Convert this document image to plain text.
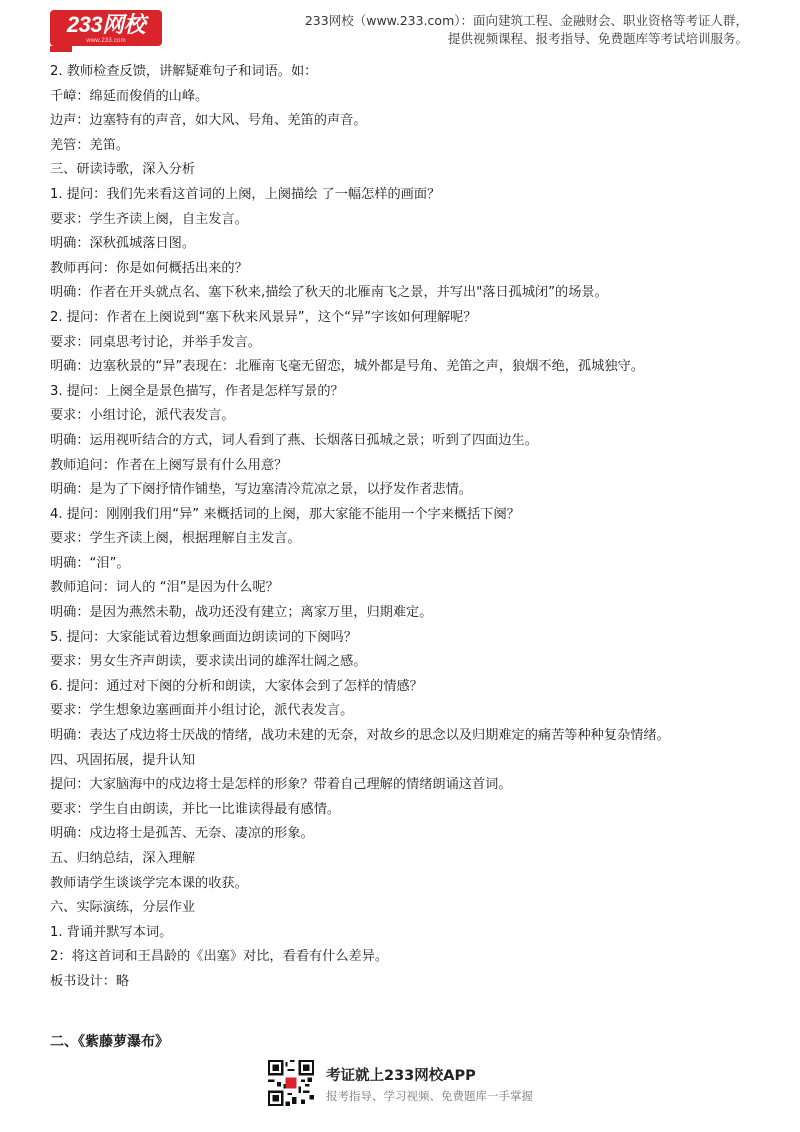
233网校
www.233.com
233网校（www.233.com）：面向建筑工程、金融财会、职业资格等考证人群，
提供视频课程、报考指导、免费题库等考试培训服务。
2. 教师检查反馈，讲解疑难句子和词语。如：
千嶂：绵延而俊俏的山峰。
边声：边塞特有的声音，如大风、号角、羌笛的声音。
羌管：羌笛。
三、研读诗歌，深入分析
1. 提问：我们先来看这首词的上阕，上阕描绘 了一幅怎样的画面？
要求：学生齐读上阕，自主发言。
明确：深秋孤城落日图。
教师再问：你是如何概括出来的？
明确：作者在开头就点名、塞下秋来,描绘了秋天的北雁南飞之景，并写出"落日孤城闭”的场景。
2. 提问：作者在上阕说到“塞下秋来风景异”，这个“异”字该如何理解呢？
要求：同桌思考讨论，并举手发言。
明确：边塞秋景的“异”表现在：北雁南飞毫无留恋，城外都是号角、羌笛之声，狼烟不绝，孤城独守。
3. 提问：上阕全是景色描写，作者是怎样写景的？
要求：小组讨论，派代表发言。
明确：运用视听结合的方式，词人看到了燕、长烟落日孤城之景；听到了四面边生。
教师追问：作者在上阕写景有什么用意？
明确：是为了下阕抒情作铺垫，写边塞清冷荒凉之景，以抒发作者悲情。
4. 提问：刚刚我们用“异” 来概括词的上阕，那大家能不能用一个字来概括下阕？
要求：学生齐读上阕，根据理解自主发言。
明确：“泪”。
教师追问：词人的 “泪”是因为什么呢？
明确：是因为燕然未勒，战功还没有建立；离家万里，归期难定。
5. 提问：大家能试着边想象画面边朗读词的下阕吗？
要求：男女生齐声朗读，要求读出词的雄浑壮阔之感。
6. 提问：通过对下阕的分析和朗读，大家体会到了怎样的情感？
要求：学生想象边塞画面并小组讨论，派代表发言。
明确：表达了戍边将士厌战的情绪，战功未建的无奈，对故乡的思念以及归期难定的痛苦等种种复杂情绪。
四、巩固拓展，提升认知
提问：大家脑海中的戍边将士是怎样的形象？带着自己理解的情绪朗诵这首词。
要求：学生自由朗读，并比一比谁读得最有感情。
明确：戍边将士是孤苦、无奈、凄凉的形象。
五、归纳总结，深入理解
教师请学生谈谈学完本课的收获。
六、实际演练，分层作业
1. 背诵并默写本词。
2：将这首词和王昌龄的《出塞》对比，看看有什么差异。
板书设计：略
二、《紫藤萝瀑布》
考证就上233网校APP
报考指导、学习视频、免费题库一手掌握
